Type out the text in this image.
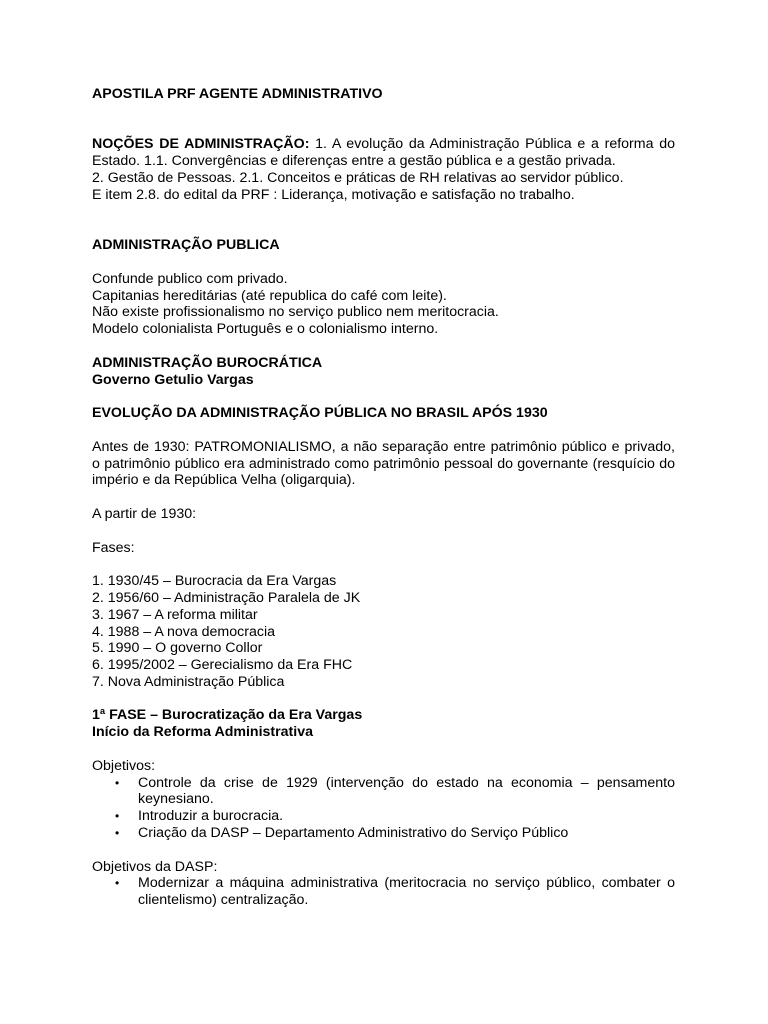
APOSTILA PRF AGENTE ADMINISTRATIVO

NOÇÕES DE ADMINISTRAÇÃO: 1. A evolução da Administração Pública e a reforma do Estado. 1.1. Convergências e diferenças entre a gestão pública e a gestão privada.

2. Gestão de Pessoas. 2.1. Conceitos e práticas de RH relativas ao servidor público.

E item 2.8. do edital da PRF : Liderança, motivação e satisfação no trabalho.

ADMINISTRAÇÃO PUBLICA

Confunde publico com privado.

Capitanias hereditárias (até republica do café com leite).

Não existe profissionalismo no serviço publico nem meritocracia.

Modelo colonialista Português e o colonialismo interno.

ADMINISTRAÇÃO BUROCRÁTICA

Governo Getulio Vargas

EVOLUÇÃO DA ADMINISTRAÇÃO PÚBLICA NO BRASIL APÓS 1930

Antes de 1930: PATROMONIALISMO, a não separação entre patrimônio público e privado, o patrimônio público era administrado como patrimônio pessoal do governante (resquício do império e da República Velha (oligarquia).

A partir de 1930:

Fases:

1. 1930/45 – Burocracia da Era Vargas
2. 1956/60 – Administração Paralela de JK
3. 1967 – A reforma militar
4. 1988 – A nova democracia
5. 1990 – O governo Collor
6. 1995/2002 – Gerecialismo da Era FHC
7. Nova Administração Pública

1ª FASE – Burocratização da Era Vargas

Início da Reforma Administrativa

Objetivos:

• Controle da crise de 1929 (intervenção do estado na economia – pensamento keynesiano.
• Introduzir a burocracia.
• Criação da DASP – Departamento Administrativo do Serviço Público

Objetivos da DASP:

• Modernizar a máquina administrativa (meritocracia no serviço público, combater o clientelismo) centralização.
